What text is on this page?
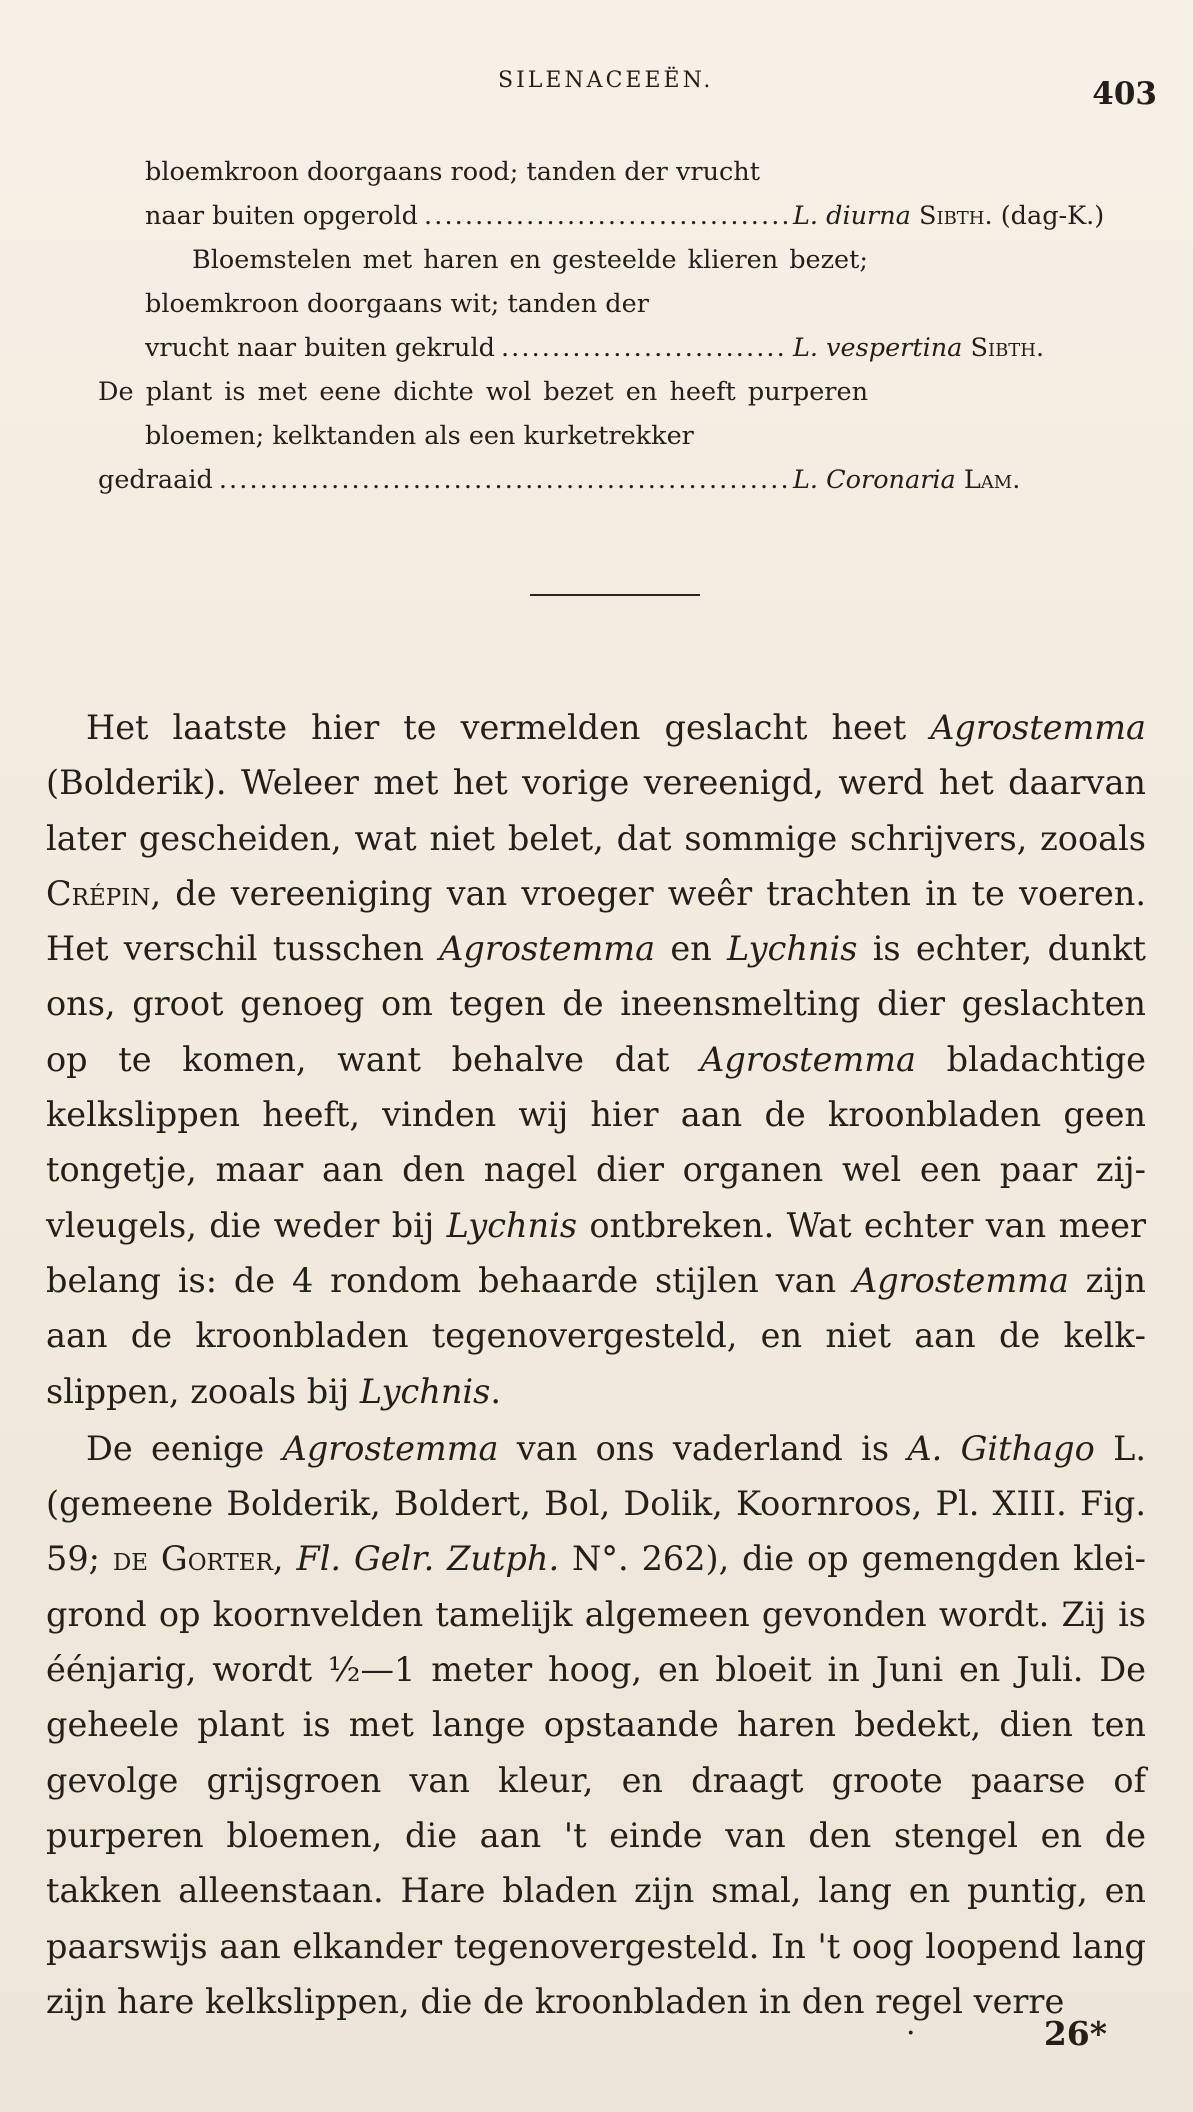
SILENACEEËN.	403
bloemkroon doorgaans rood; tanden der vrucht
naar buiten opgerold . . .	L. diurna Sibth. (dag-K.)
Bloemstelen met haren en gesteelde klieren bezet; bloemkroon doorgaans wit; tanden der
vrucht naar buiten gekruld . . .	L. vespertina Sibth.
De plant is met eene dichte wol bezet en heeft purperen bloemen; kelktanden als een kurketrekker
gedraaid . . .	L. Coronaria Lam.

Het laatste hier te vermelden geslacht heet Agrostemma (Bolderik). Weleer met het vorige vereenigd, werd het daarvan later gescheiden, wat niet belet, dat sommige schrijvers, zooals Crépin, de vereeniging van vroeger weêr trachten in te voeren. Het verschil tusschen Agrostemma en Lychnis is echter, dunkt ons, groot genoeg om tegen de ineensmelting dier geslachten op te komen, want behalve dat Agrostemma bladachtige kelkslippen heeft, vinden wij hier aan de kroonbladen geen tongetje, maar aan den nagel dier organen wel een paar zijvleugels, die weder bij Lychnis ontbreken. Wat echter van meer belang is: de 4 rondom behaarde stijlen van Agrostemma zijn aan de kroonbladen tegenovergesteld, en niet aan de kelkslippen, zooals bij Lychnis.

De eenige Agrostemma van ons vaderland is A. Githago L. (gemeene Bolderik, Boldert, Bol, Dolik, Koornroos, Pl. XIII. Fig. 59; de Gorter, Fl. Gelr. Zutph. N°. 262), die op gemengden kleigrond op koornvelden tamelijk algemeen gevonden wordt. Zij is éénjarig, wordt ½—1 meter hoog, en bloeit in Juni en Juli. De geheele plant is met lange opstaande haren bedekt, dien ten gevolge grijsgroen van kleur, en draagt groote paarse of purperen bloemen, die aan 't einde van den stengel en de takken alleenstaan. Hare bladen zijn smal, lang en puntig, en paarswijs aan elkander tegenovergesteld. In 't oog loopend lang zijn hare kelkslippen, die de kroonbladen in den regel verre

·	26*
